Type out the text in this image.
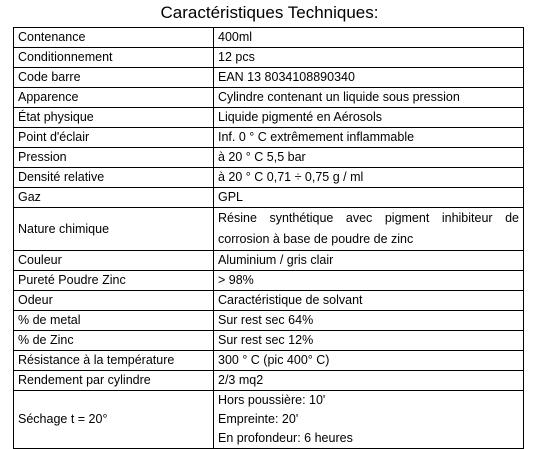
Caractéristiques Techniques:
Contenance	400ml
Conditionnement	12 pcs
Code barre	EAN 13 8034108890340
Apparence	Cylindre contenant un liquide sous pression
État physique	Liquide pigmenté en Aérosols
Point d'éclair	Inf. 0 ° C extrêmement inflammable
Pression	à 20 ° C 5,5 bar
Densité relative	à 20 ° C 0,71 ÷ 0,75 g / ml
Gaz	GPL
Nature chimique	Résine synthétique avec pigment inhibiteur de corrosion à base de poudre de zinc
Couleur	Aluminium / gris clair
Pureté Poudre Zinc	> 98%
Odeur	Caractéristique de solvant
% de metal	Sur rest sec 64%
% de Zinc	Sur rest sec 12%
Résistance à la température	300 ° C (pic 400° C)
Rendement par cylindre	2/3 mq2
Séchage t = 20°	Hors poussière: 10'
Empreinte: 20'
En profondeur: 6 heures
